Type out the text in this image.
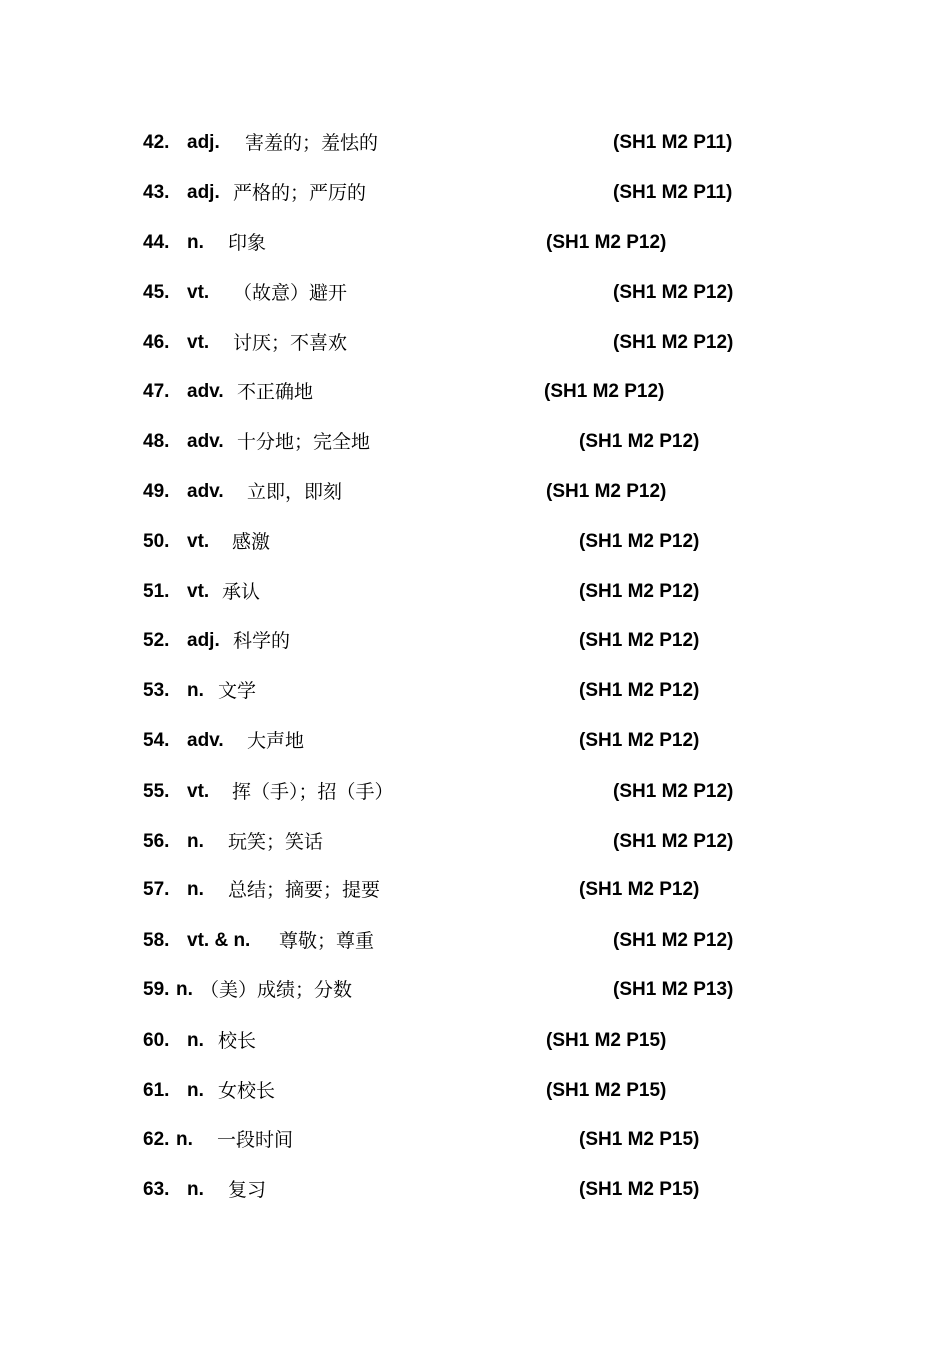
42. adj. 害羞的；羞怯的	(SH1 M2 P11)
43. adj. 严格的；严厉的	(SH1 M2 P11)
44. n. 印象	(SH1 M2 P12)
45. vt. （故意）避开	(SH1 M2 P12)
46. vt. 讨厌；不喜欢	(SH1 M2 P12)
47. adv. 不正确地	(SH1 M2 P12)
48. adv. 十分地；完全地	(SH1 M2 P12)
49. adv. 立即，即刻	(SH1 M2 P12)
50. vt. 感激	(SH1 M2 P12)
51. vt. 承认	(SH1 M2 P12)
52. adj. 科学的	(SH1 M2 P12)
53. n. 文学	(SH1 M2 P12)
54. adv. 大声地	(SH1 M2 P12)
55. vt. 挥（手）；招（手）	(SH1 M2 P12)
56. n. 玩笑；笑话	(SH1 M2 P12)
57. n. 总结；摘要；提要	(SH1 M2 P12)
58. vt. & n. 尊敬；尊重	(SH1 M2 P12)
59. n. （美）成绩；分数	(SH1 M2 P13)
60. n. 校长	(SH1 M2 P15)
61. n. 女校长	(SH1 M2 P15)
62. n. 一段时间	(SH1 M2 P15)
63. n. 复习	(SH1 M2 P15)
